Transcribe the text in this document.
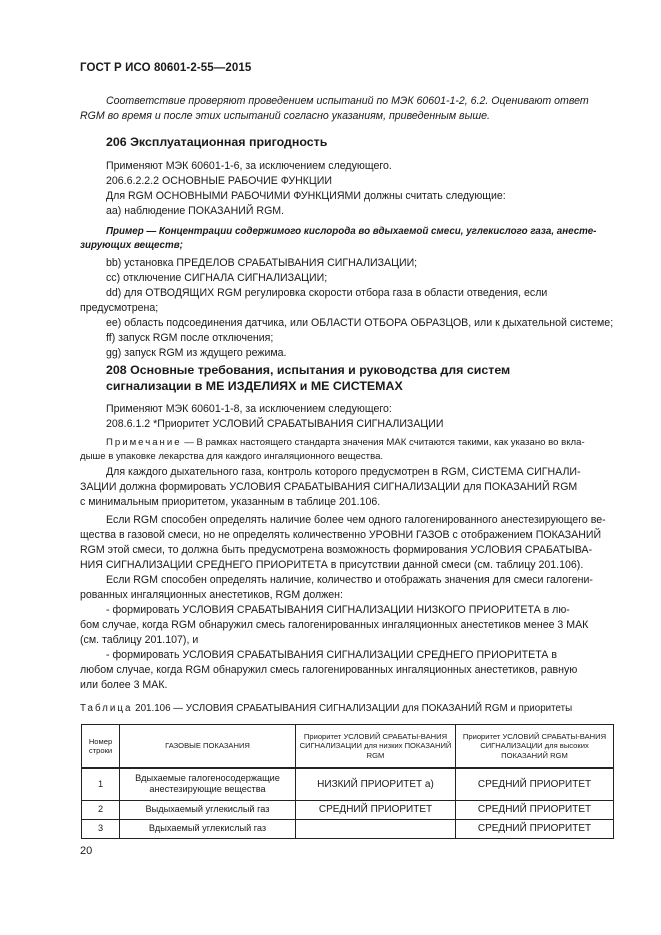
ГОСТ Р ИСО 80601-2-55—2015

Соответствие проверяют проведением испытаний по МЭК 60601-1-2, 6.2. Оценивают ответ

RGM во время и после этих испытаний согласно указаниям, приведенным выше.

206 Эксплуатационная пригодность

Применяют МЭК 60601-1-6, за исключением следующего.

206.6.2.2.2 ОСНОВНЫЕ РАБОЧИЕ ФУНКЦИИ

Для RGM ОСНОВНЫМИ РАБОЧИМИ ФУНКЦИЯМИ должны считать следующие:

аа) наблюдение ПОКАЗАНИЙ RGM.

Пример — Концентрации содержимого кислорода во вдыхаемой смеси, углекислого газа, анесте-

зирующих веществ;

bb) установка ПРЕДЕЛОВ СРАБАТЫВАНИЯ СИГНАЛИЗАЦИИ;

cc) отключение СИГНАЛА СИГНАЛИЗАЦИИ;

dd) для ОТВОДЯЩИХ RGM регулировка скорости отбора газа в области отведения, если

предусмотрена;

ее) область подсоединения датчика, или ОБЛАСТИ ОТБОРА ОБРАЗЦОВ, или к дыхательной системе;

ff) запуск RGM после отключения;

gg) запуск RGM из ждущего режима.

208 Основные требования, испытания и руководства для систем
сигнализации в МЕ ИЗДЕЛИЯХ и МЕ СИСТЕМАХ

Применяют МЭК 60601-1-8, за исключением следующего:

208.6.1.2 *Приоритет УСЛОВИЙ СРАБАТЫВАНИЯ СИГНАЛИЗАЦИИ

Примечание — В рамках настоящего стандарта значения МАК считаются такими, как указано во вкла-

дыше в упаковке лекарства для каждого ингаляционного вещества.

Для каждого дыхательного газа, контроль которого предусмотрен в RGM, СИСТЕМА СИГНАЛИ-

ЗАЦИИ должна формировать УСЛОВИЯ СРАБАТЫВАНИЯ СИГНАЛИЗАЦИИ для ПОКАЗАНИЙ RGM

с минимальным приоритетом, указанным в таблице 201.106.

Если RGM способен определять наличие более чем одного галогенированного анестезирующего ве-

щества в газовой смеси, но не определять количественно УРОВНИ ГАЗОВ с отображением ПОКАЗАНИЙ

RGM этой смеси, то должна быть предусмотрена возможность формирования УСЛОВИЯ СРАБАТЫВА-

НИЯ СИГНАЛИЗАЦИИ СРЕДНЕГО ПРИОРИТЕТА в присутствии данной смеси (см. таблицу 201.106).

Если RGM способен определять наличие, количество и отображать значения для смеси галогени-

рованных ингаляционных анестетиков, RGM должен:

- формировать УСЛОВИЯ СРАБАТЫВАНИЯ СИГНАЛИЗАЦИИ НИЗКОГО ПРИОРИТЕТА в лю-

бом случае, когда RGM обнаружил смесь галогенированных ингаляционных анестетиков менее 3 МАК

(см. таблицу 201.107), и

- формировать УСЛОВИЯ СРАБАТЫВАНИЯ СИГНАЛИЗАЦИИ СРЕДНЕГО ПРИОРИТЕТА в

любом случае, когда RGM обнаружил смесь галогенированных ингаляционных анестетиков, равную

или более 3 МАК.

Таблица 201.106 — УСЛОВИЯ СРАБАТЫВАНИЯ СИГНАЛИЗАЦИИ для ПОКАЗАНИЙ RGM и приоритеты
Номер строки	ГАЗОВЫЕ ПОКАЗАНИЯ	Приоритет УСЛОВИЙ СРАБАТЫ-ВАНИЯ СИГНАЛИЗАЦИИ для низких ПОКАЗАНИЙ RGM	Приоритет УСЛОВИЙ СРАБАТЫ-ВАНИЯ СИГНАЛИЗАЦИИ для высоких ПОКАЗАНИЙ RGM
1	Вдыхаемые галогеносодержащие анестезирующие вещества	НИЗКИЙ ПРИОРИТЕТ a)	СРЕДНИЙ ПРИОРИТЕТ
2	Выдыхаемый углекислый газ	СРЕДНИЙ ПРИОРИТЕТ	СРЕДНИЙ ПРИОРИТЕТ
3	Вдыхаемый углекислый газ		СРЕДНИЙ ПРИОРИТЕТ
20
